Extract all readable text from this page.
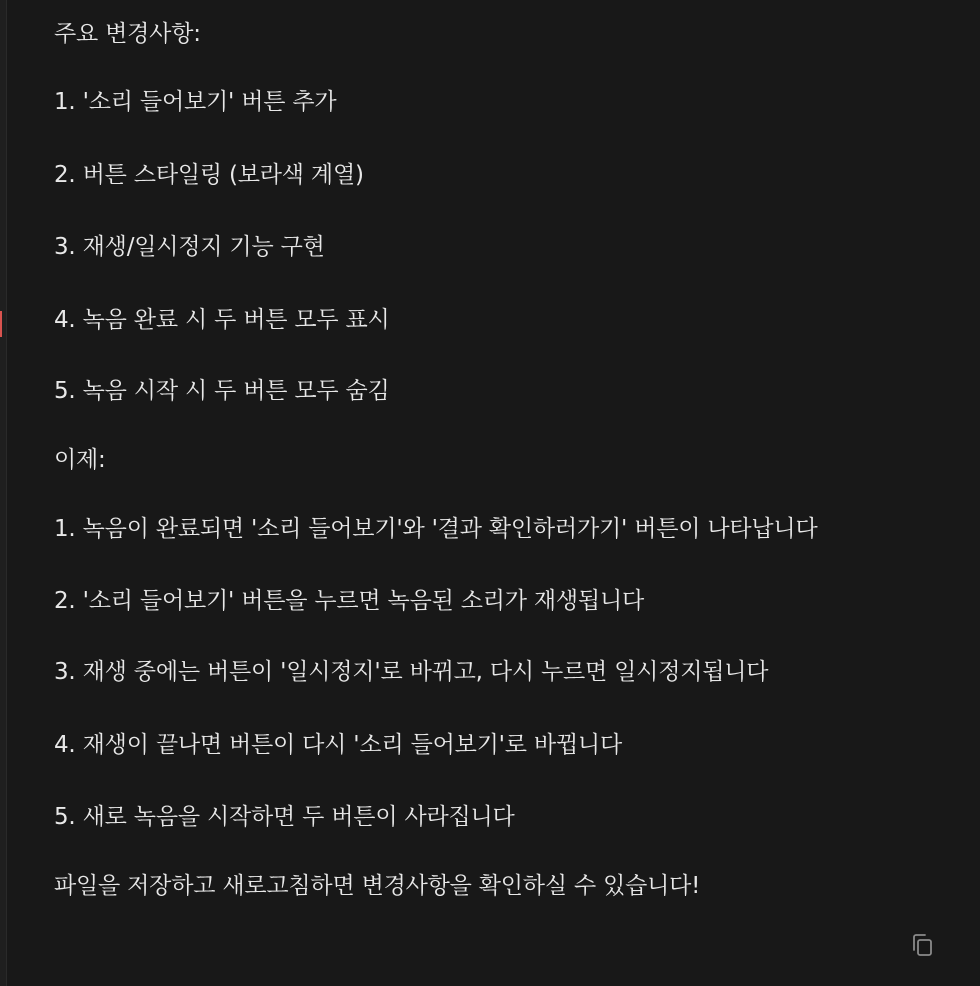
주요 변경사항:
1. '소리 들어보기' 버튼 추가
2. 버튼 스타일링 (보라색 계열)
3. 재생/일시정지 기능 구현
4. 녹음 완료 시 두 버튼 모두 표시
5. 녹음 시작 시 두 버튼 모두 숨김
이제:
1. 녹음이 완료되면 '소리 들어보기'와 '결과 확인하러가기' 버튼이 나타납니다
2. '소리 들어보기' 버튼을 누르면 녹음된 소리가 재생됩니다
3. 재생 중에는 버튼이 '일시정지'로 바뀌고, 다시 누르면 일시정지됩니다
4. 재생이 끝나면 버튼이 다시 '소리 들어보기'로 바뀝니다
5. 새로 녹음을 시작하면 두 버튼이 사라집니다
파일을 저장하고 새로고침하면 변경사항을 확인하실 수 있습니다!
